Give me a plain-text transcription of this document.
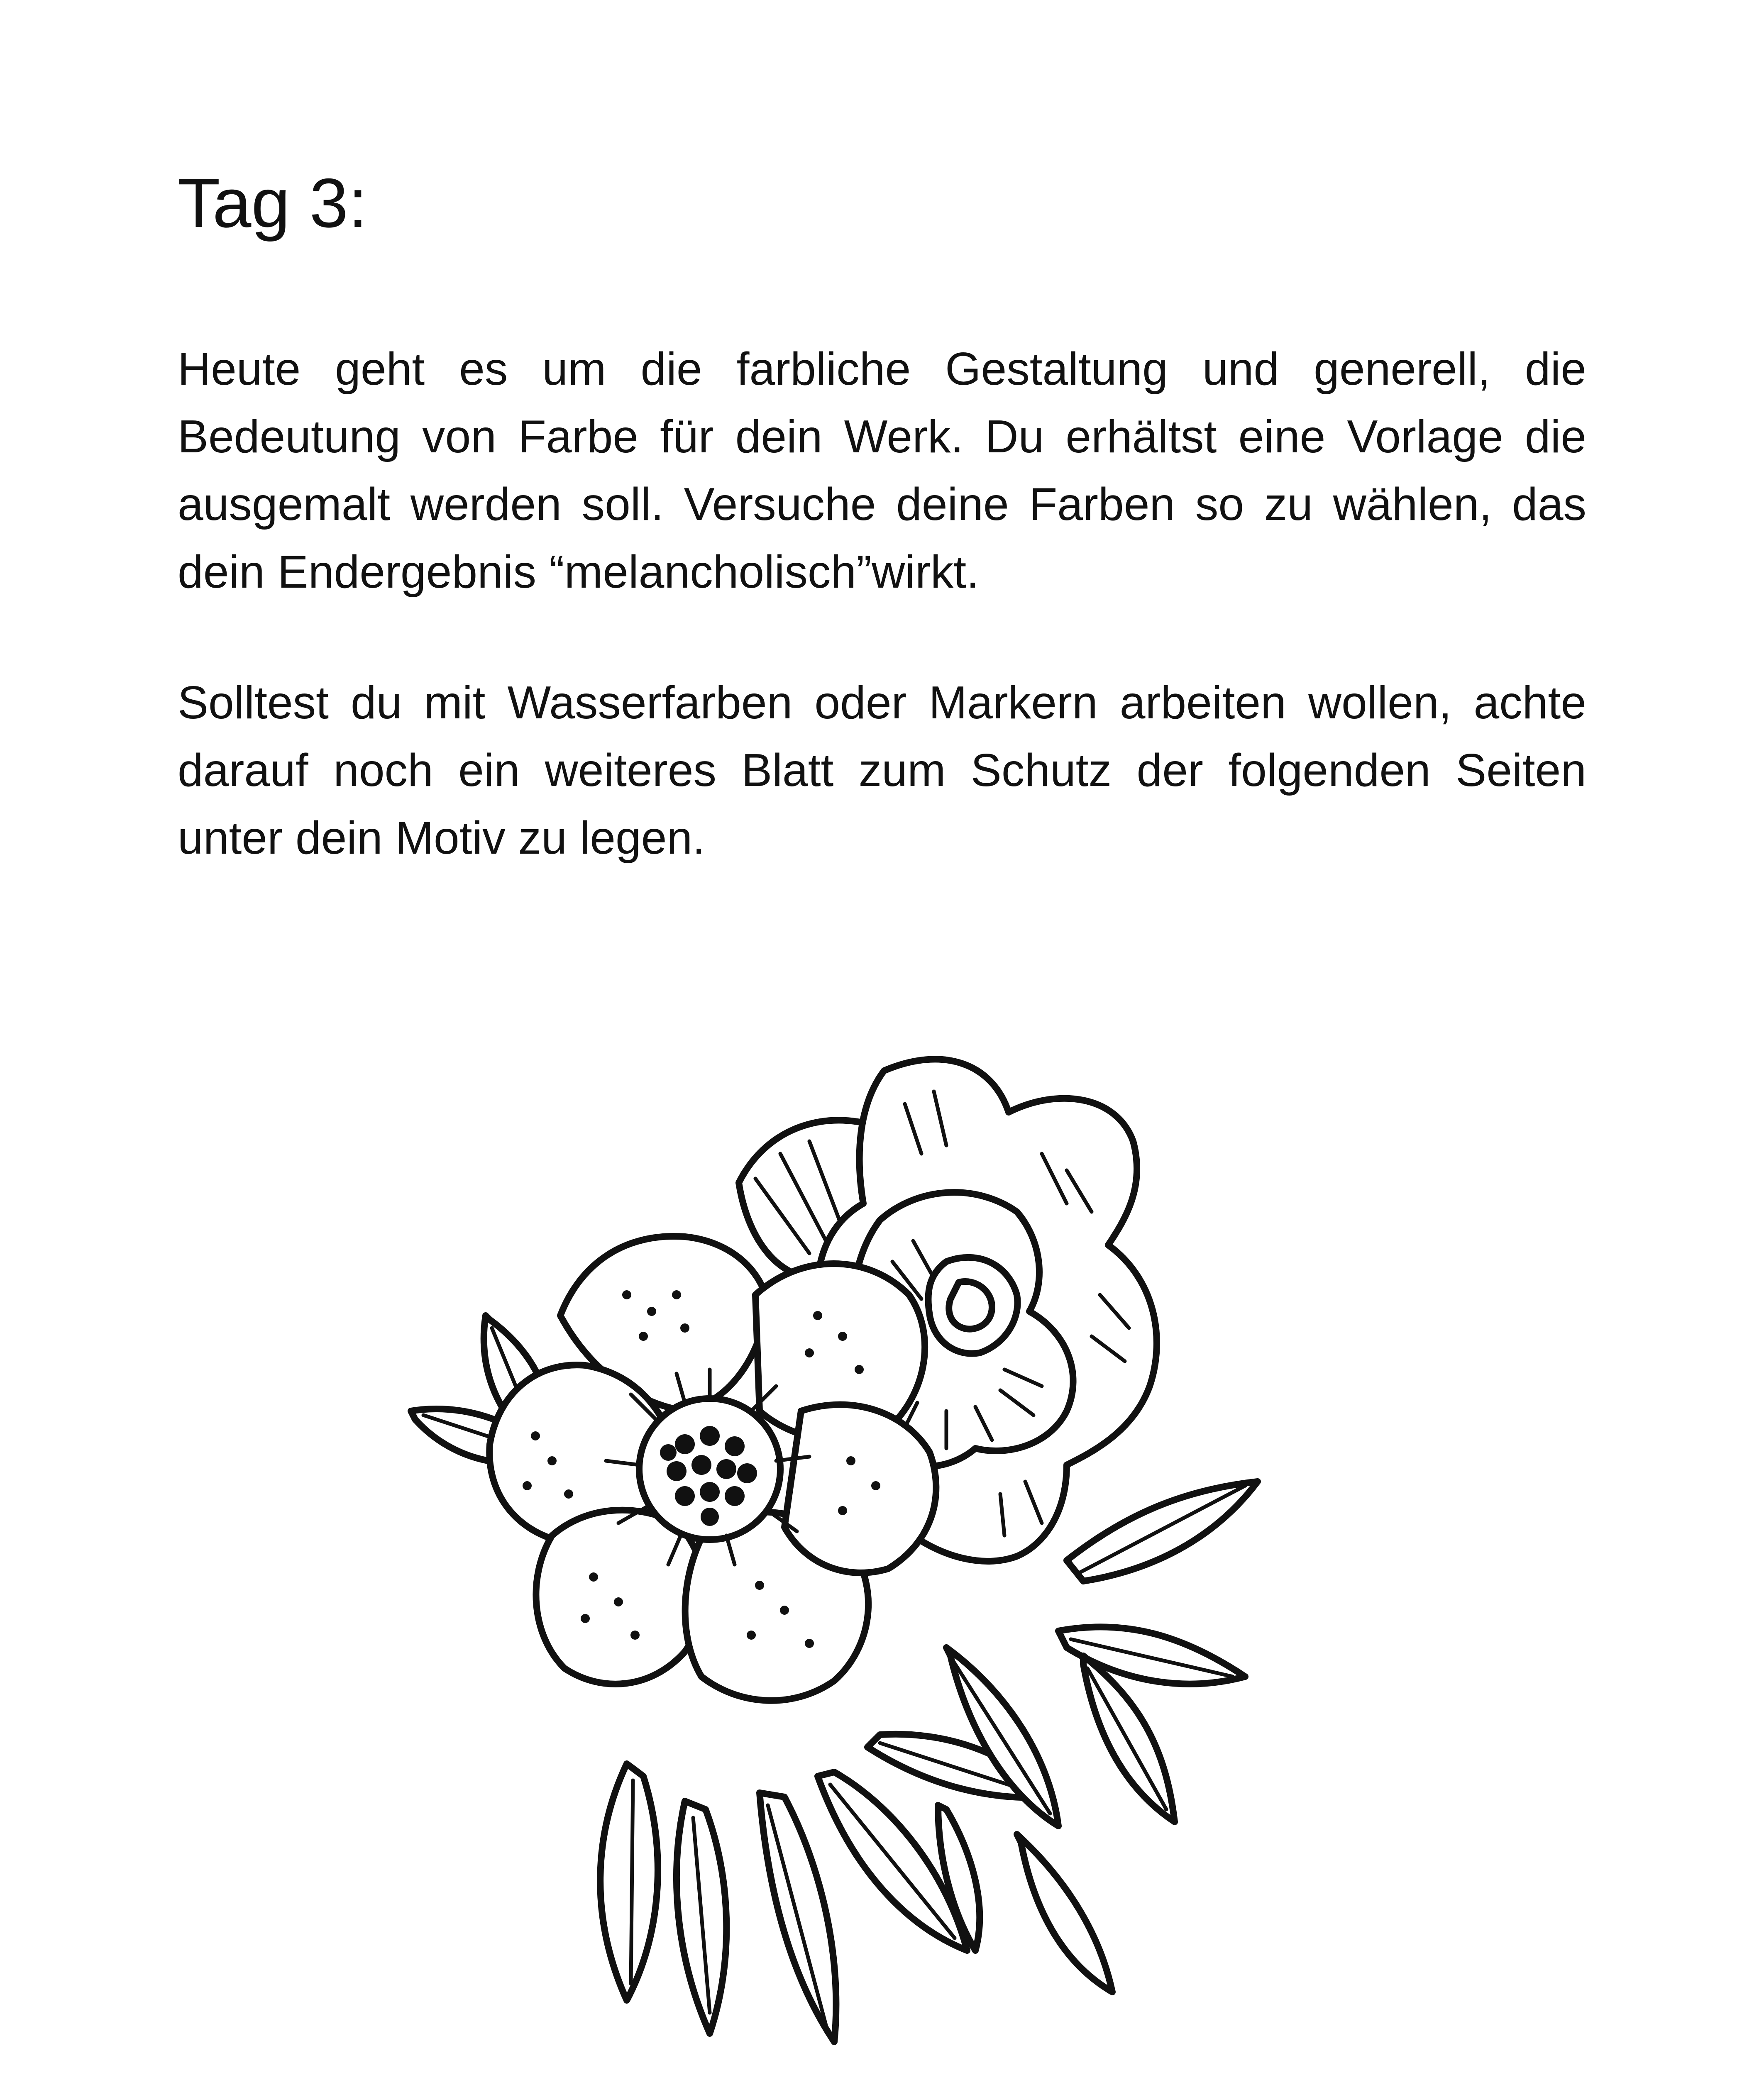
Tag 3:

Heute geht es um die farbliche Gestaltung und generell, die Bedeutung von Farbe für dein Werk. Du erhältst eine Vorlage die ausgemalt werden soll. Versuche deine Farben so zu wählen, das dein Endergebnis “melancholisch”wirkt.

Solltest du mit Wasserfarben oder Markern arbeiten wollen, achte darauf noch ein weiteres Blatt zum Schutz der folgenden Seiten unter dein Motiv zu legen.
